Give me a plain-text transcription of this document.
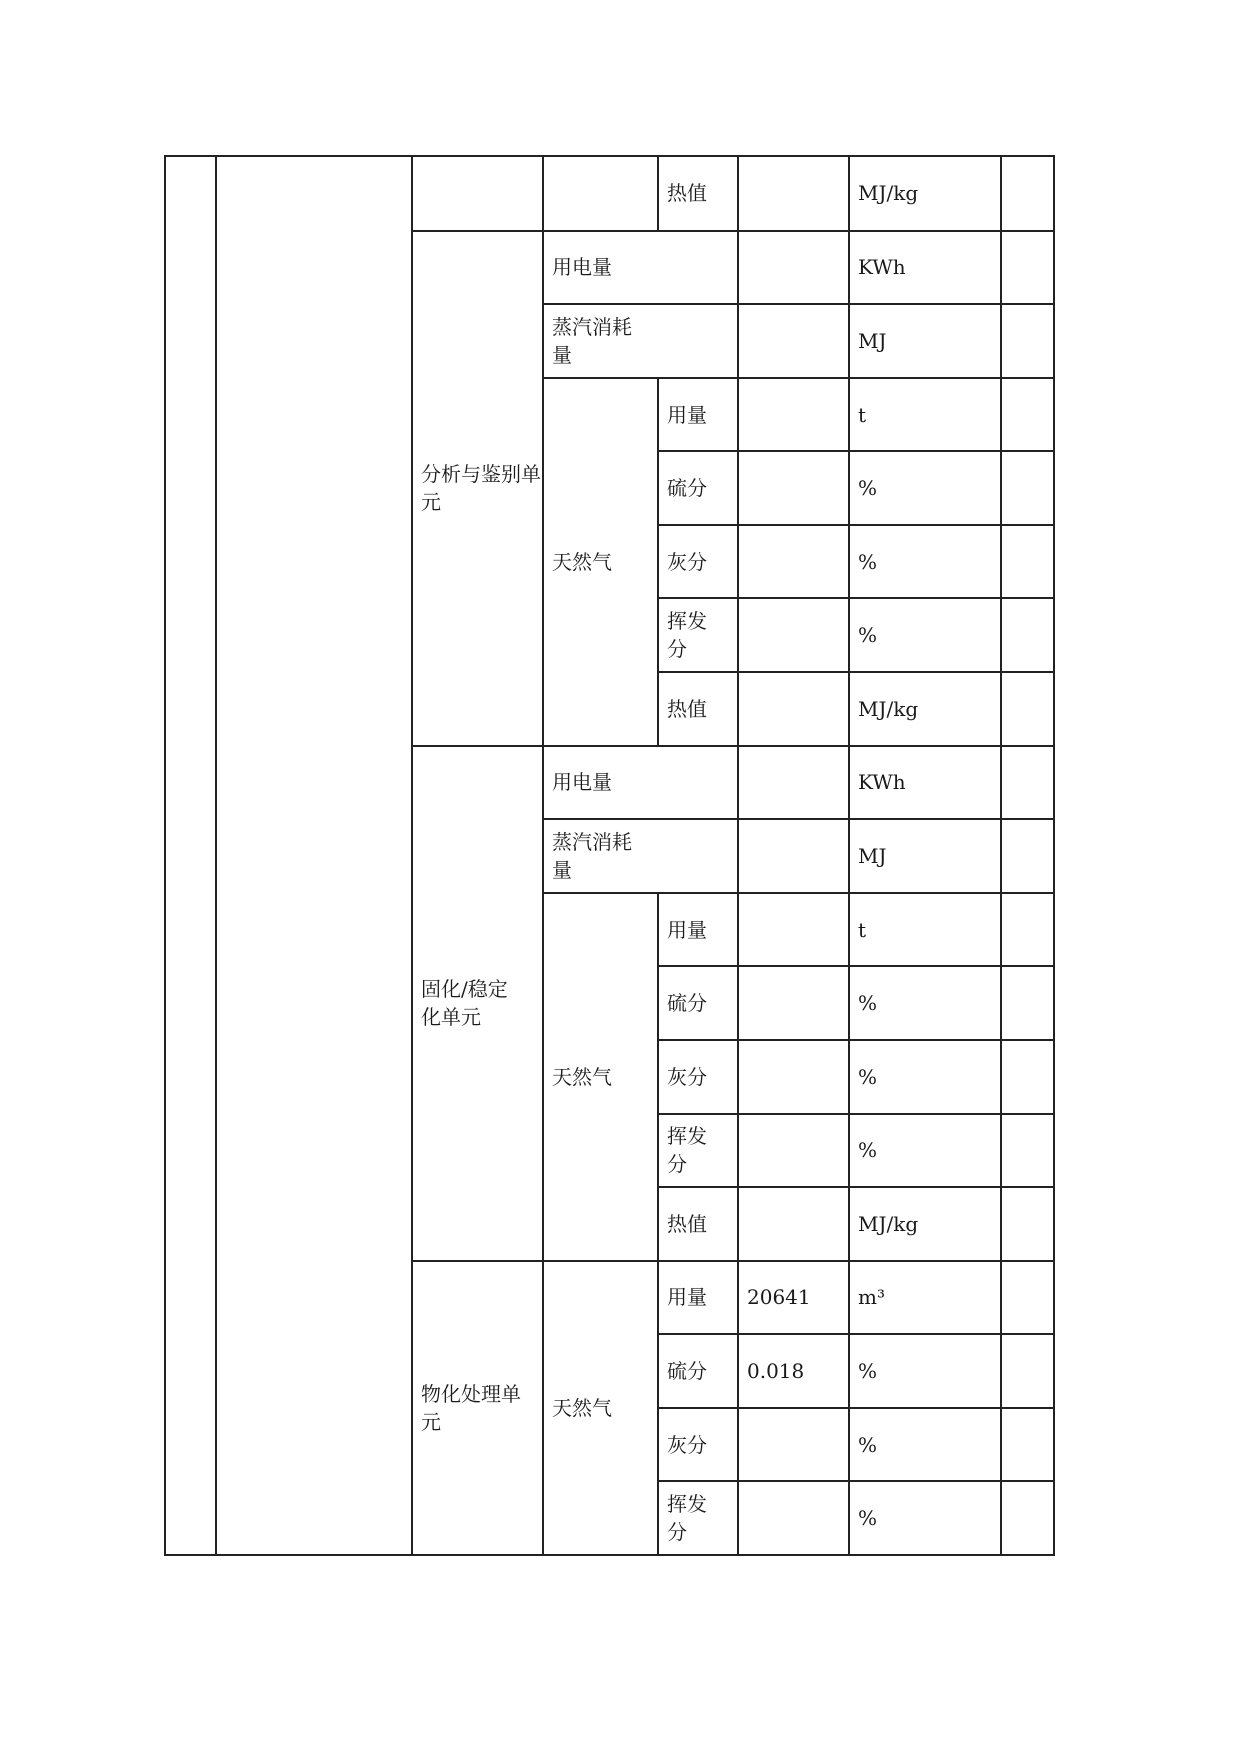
				热值		MJ/kg	
		分析与鉴别单元	用电量			KWh	

			蒸汽消耗量			MJ	
			天然气	用量		t	
				硫分		%	
				灰分		%	

				挥发分		%	
				热值		MJ/kg	

		固化/稳定化单元	用电量			KWh	

			蒸汽消耗量			MJ	
			天然气	用量		t	
				硫分		%	
				灰分		%	

				挥发分		%	
				热值		MJ/kg	

		物化处理单元	天然气	用量	20641	m³	
				硫分	0.018	%	
				灰分		%	

				挥发分		%	
